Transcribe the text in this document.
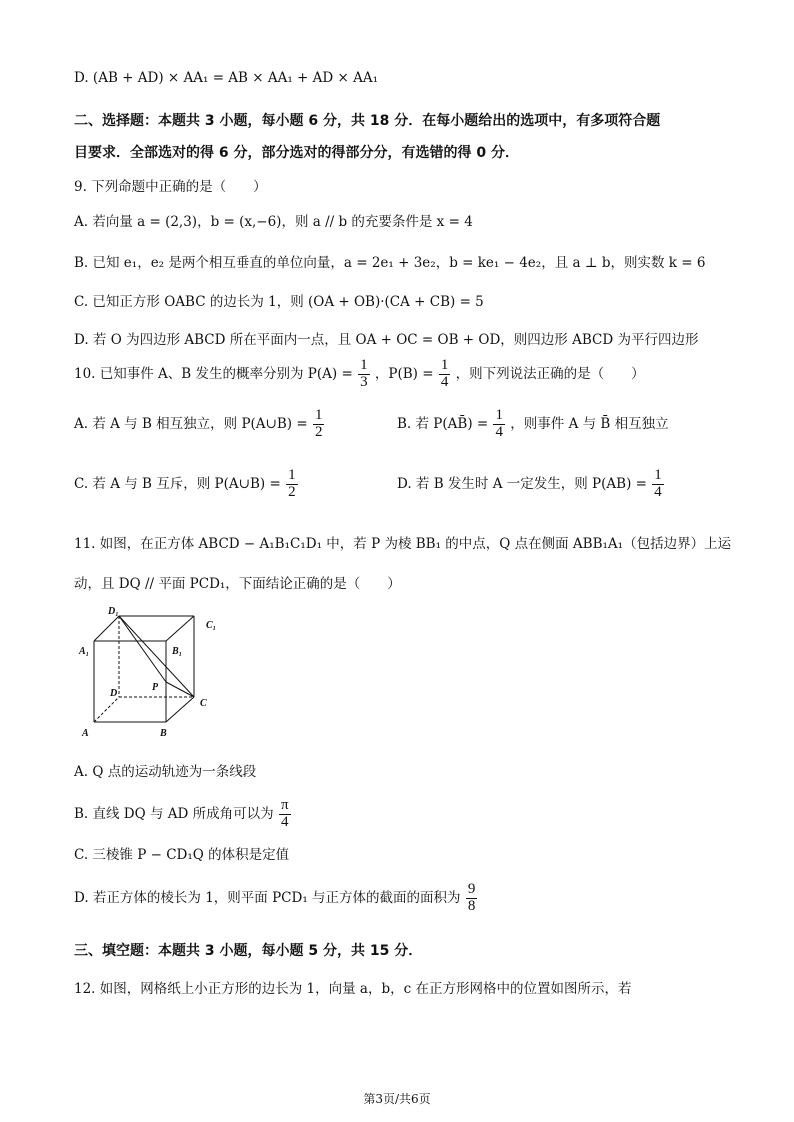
D. (AB + AD) × AA₁ = AB × AA₁ + AD × AA₁
二、选择题：本题共 3 小题，每小题 6 分，共 18 分．在每小题给出的选项中，有多项符合题
目要求．全部选对的得 6 分，部分选对的得部分分，有选错的得 0 分．
9. 下列命题中正确的是（　　）
A. 若向量 a = (2,3)，b = (x,−6)，则 a // b 的充要条件是 x = 4
B. 已知 e₁，e₂ 是两个相互垂直的单位向量，a = 2e₁ + 3e₂，b = ke₁ − 4e₂，且 a ⊥ b，则实数 k = 6
C. 已知正方形 OABC 的边长为 1，则 (OA + OB)·(CA + CB) = 5
D. 若 O 为四边形 ABCD 所在平面内一点，且 OA + OC = OB + OD，则四边形 ABCD 为平行四边形
10. 已知事件 A、B 发生的概率分别为 $P(A) = \frac{1}{3}$ ，$P(B) = \frac{1}{4}$ ，则下列说法正确的是（　　）
A. 若 A 与 B 相互独立，则 P(A∪B) = $\frac{1}{2}$	B. 若 P(AB̄) = $\frac{1}{4}$ ，则事件 A 与 B̄ 相互独立
C. 若 A 与 B 互斥，则 P(A∪B) = $\frac{1}{2}$	D. 若 B 发生时 A 一定发生，则 $P(AB) = \frac{1}{4}$
11. 如图，在正方体 ABCD − A₁B₁C₁D₁ 中，若 P 为棱 BB₁ 的中点，Q 点在侧面 ABB₁A₁（包括边界）上运
动，且 DQ // 平面 PCD₁，下面结论正确的是（　　）
D₁
C₁
A₁	B₁
D
P
C
A	B
A. Q 点的运动轨迹为一条线段
B. 直线 DQ 与 AD 所成角可以为 $\frac{\pi}{4}$
C. 三棱锥 P − CD₁Q 的体积是定值
D. 若正方体的棱长为 1，则平面 PCD₁ 与正方体的截面的面积为 $\frac{9}{8}$
三、填空题：本题共 3 小题，每小题 5 分，共 15 分．
12. 如图，网格纸上小正方形的边长为 1，向量 a，b，c 在正方形网格中的位置如图所示，若
第3页/共6页
